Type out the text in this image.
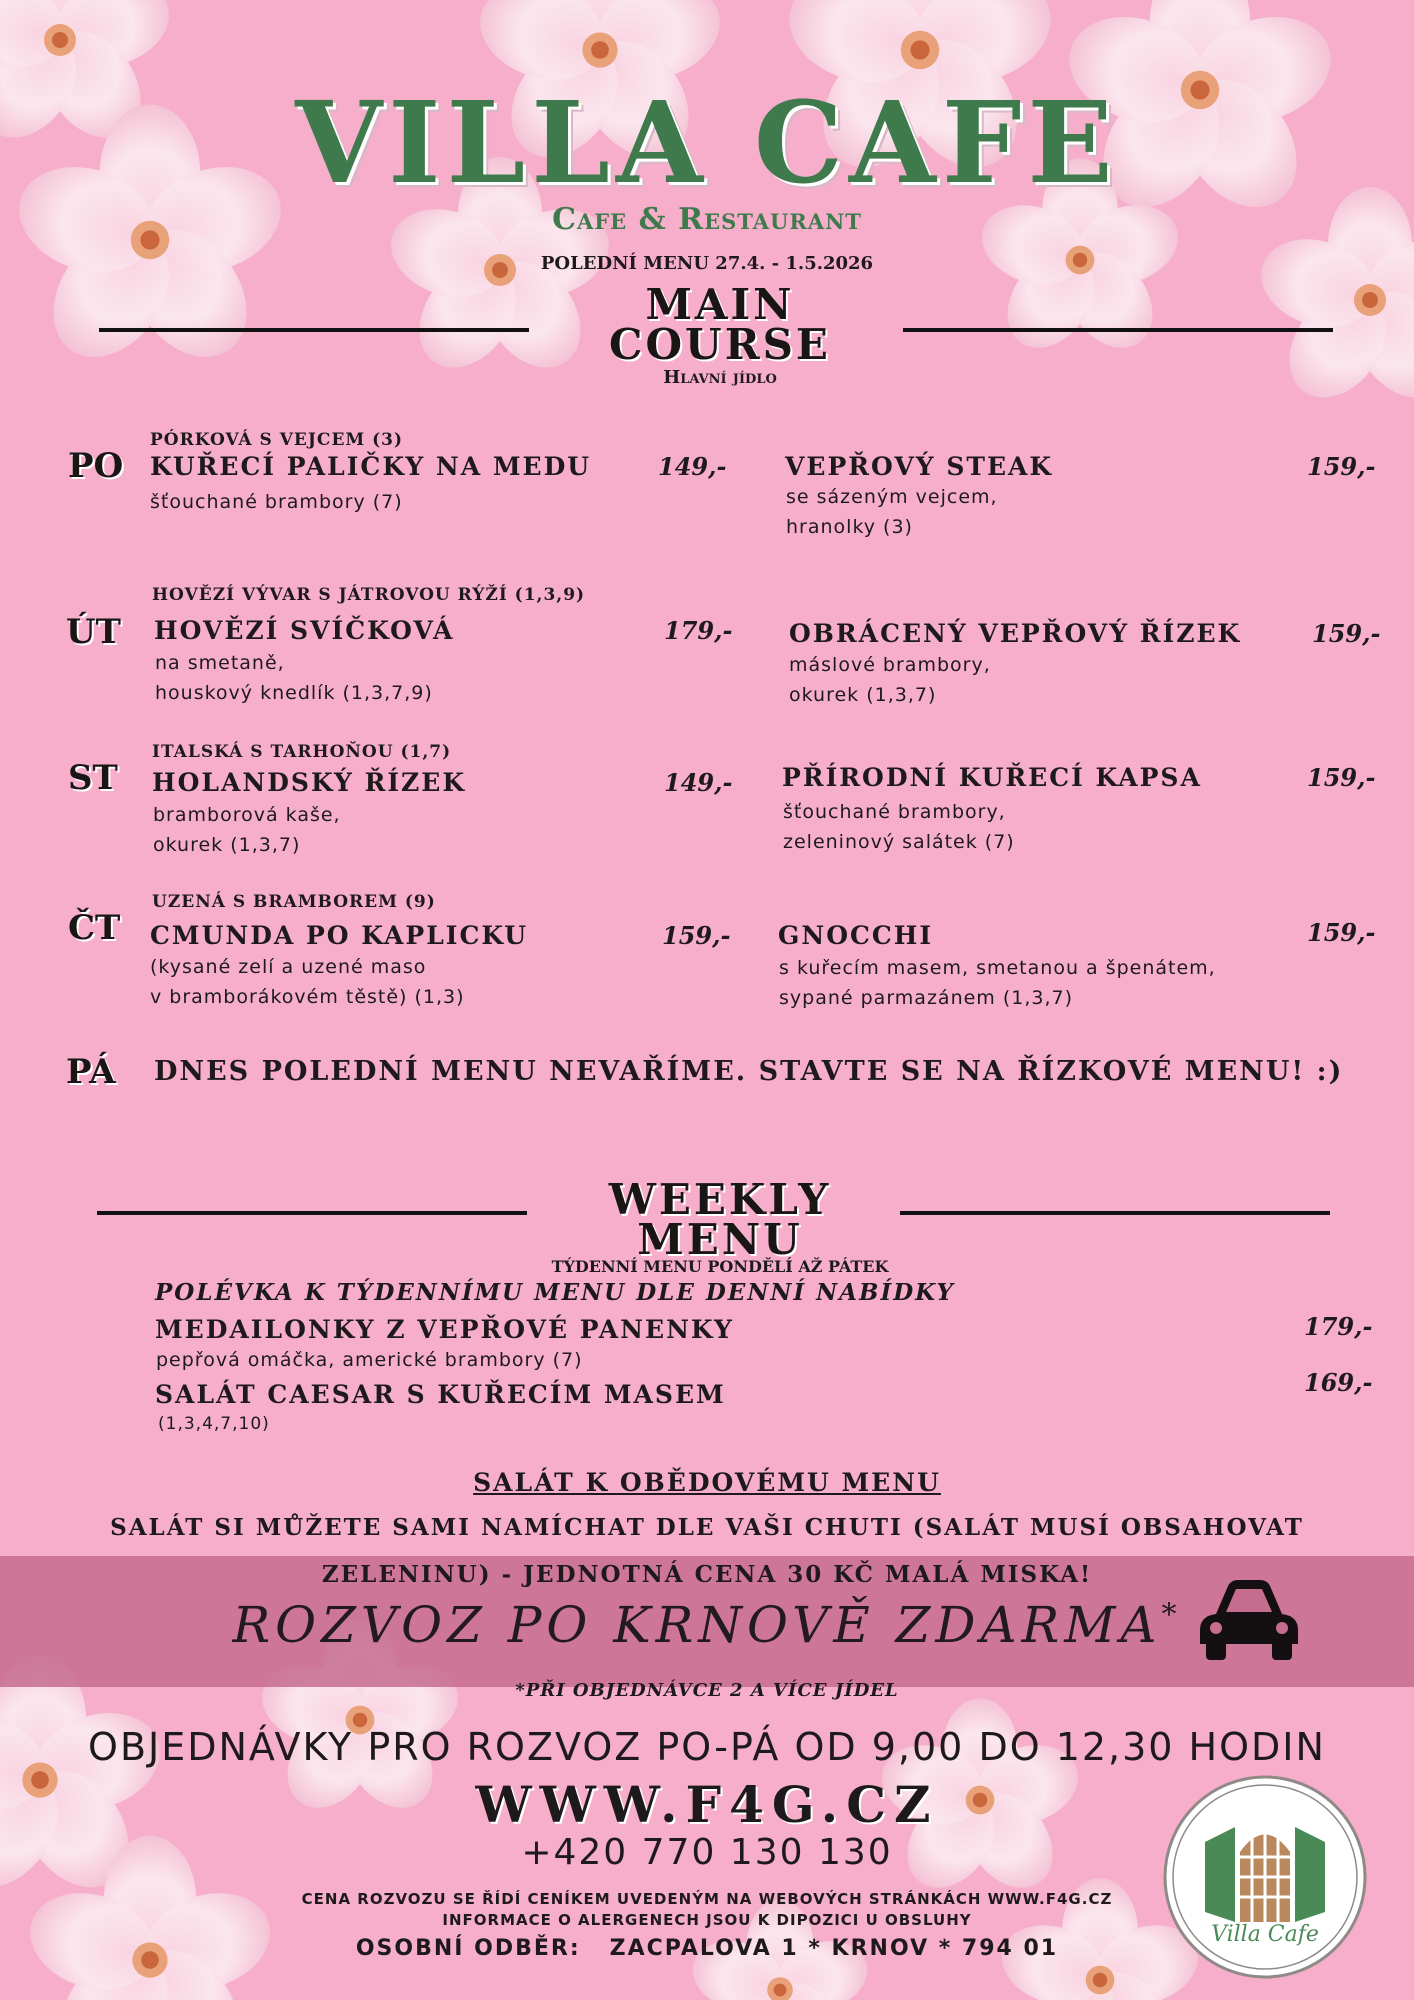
VILLA CAFE
Cafe & Restaurant
POLEDNÍ MENU 27.4. - 1.5.2026
MAIN
COURSE
Hlavní jídlo
PO
PÓRKOVÁ S VEJCEM (3)
KUŘECÍ PALIČKY NA MEDU
šťouchané brambory (7)
149,- VEPŘOVÝ STEAK
se sázeným vejcem,
hranolky (3)
159,-
ÚT
HOVĚZÍ VÝVAR S JÁTROVOU RÝŽÍ (1,3,9)
HOVĚZÍ SVÍČKOVÁ
na smetaně,
houskový knedlík (1,3,7,9)
179,- OBRÁCENÝ VEPŘOVÝ ŘÍZEK
máslové brambory,
okurek (1,3,7)
159,-
ST
ITALSKÁ S TARHOŇOU (1,7)
HOLANDSKÝ ŘÍZEK
bramborová kaše,
okurek (1,3,7)
149,- PŘÍRODNÍ KUŘECÍ KAPSA
šťouchané brambory,
zeleninový salátek (7)
159,-
ČT
UZENÁ S BRAMBOREM (9)
CMUNDA PO KAPLICKU
(kysané zelí a uzené maso
v bramborákovém těstě) (1,3)
159,- GNOCCHI
s kuřecím masem, smetanou a špenátem,
sypané parmazánem (1,3,7)
159,-
PÁ DNES POLEDNÍ MENU NEVAŘÍME. STAVTE SE NA ŘÍZKOVÉ MENU! :)
WEEKLY
MENU
TÝDENNÍ MENU PONDĚLÍ AŽ PÁTEK
POLÉVKA K TÝDENNÍMU MENU DLE DENNÍ NABÍDKY
MEDAILONKY Z VEPŘOVÉ PANENKY
pepřová omáčka, americké brambory (7)
179,-
SALÁT CAESAR S KUŘECÍM MASEM
(1,3,4,7,10)
169,-
SALÁT K OBĚDOVÉMU MENU
SALÁT SI MŮŽETE SAMI NAMÍCHAT DLE VAŠI CHUTI (SALÁT MUSÍ OBSAHOVAT
ZELENINU) - JEDNOTNÁ CENA 30 KČ MALÁ MISKA!
ROZVOZ PO KRNOVĚ ZDARMA*
*PŘI OBJEDNÁVCE 2 A VÍCE JÍDEL
OBJEDNÁVKY PRO ROZVOZ PO-PÁ OD 9,00 DO 12,30 HODIN
WWW.F4G.CZ
+420 770 130 130
CENA ROZVOZU SE ŘÍDÍ CENÍKEM UVEDENÝM NA WEBOVÝCH STRÁNKÁCH WWW.F4G.CZ
INFORMACE O ALERGENECH JSOU K DIPOZICI U OBSLUHY
OSOBNÍ ODBĚR:   ZACPALOVA 1 * KRNOV * 794 01
Villa Cafe
